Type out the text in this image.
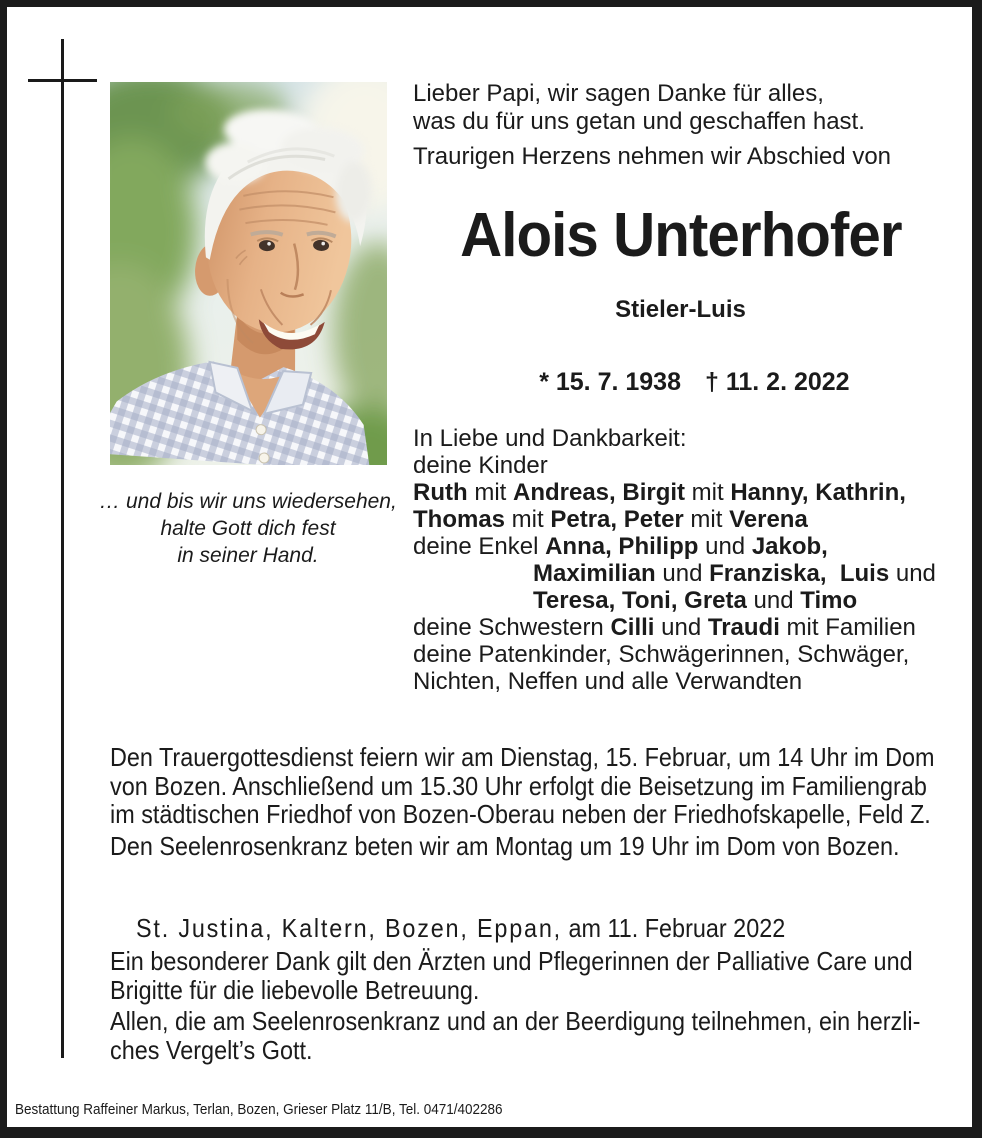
… und bis wir uns wiedersehen,
halte Gott dich fest
in seiner Hand.
Lieber Papi, wir sagen Danke für alles,
was du für uns getan und geschaffen hast.
Traurigen Herzens nehmen wir Abschied von
Alois Unterhofer
Stieler-Luis

* 15. 7. 1938 † 11. 2. 2022

In Liebe und Dankbarkeit:
deine Kinder
Ruth mit Andreas, Birgit mit Hanny, Kathrin,
Thomas mit Petra, Peter mit Verena
deine Enkel Anna, Philipp und Jakob,
Maximilian und Franziska, Luis und
Teresa, Toni, Greta und Timo
deine Schwestern Cilli und Traudi mit Familien
deine Patenkinder, Schwägerinnen, Schwäger,
Nichten, Neffen und alle Verwandten
Den Trauergottesdienst feiern wir am Dienstag, 15. Februar, um 14 Uhr im Dom
von Bozen. Anschließend um 15.30 Uhr erfolgt die Beisetzung im Familiengrab
im städtischen Friedhof von Bozen-Oberau neben der Friedhofskapelle, Feld Z.
Den Seelenrosenkranz beten wir am Montag um 19 Uhr im Dom von Bozen.

St. Justina, Kaltern, Bozen, Eppan, am 11. Februar 2022

Ein besonderer Dank gilt den Ärzten und Pflegerinnen der Palliative Care und
Brigitte für die liebevolle Betreuung.
Allen, die am Seelenrosenkranz und an der Beerdigung teilnehmen, ein herzli-
ches Vergelt’s Gott.
Bestattung Raffeiner Markus, Terlan, Bozen, Grieser Platz 11/B, Tel. 0471/402286
